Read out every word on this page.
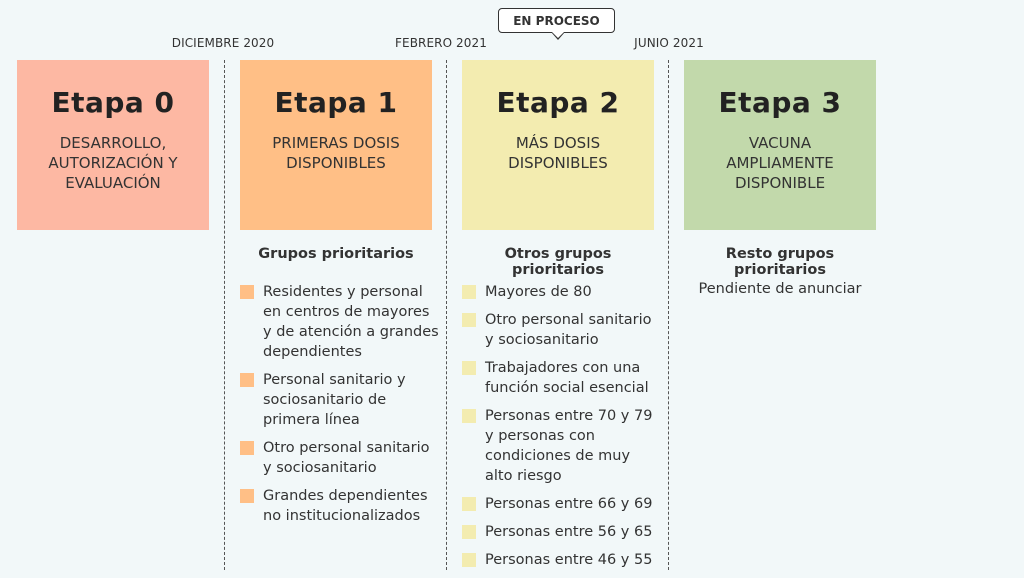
DICIEMBRE 2020	FEBRERO 2021	JUNIO 2021
EN PROCESO
Etapa 0
DESARROLLO, AUTORIZACIÓN Y EVALUACIÓN
Etapa 1
PRIMERAS DOSIS DISPONIBLES
Etapa 2
MÁS DOSIS DISPONIBLES
Etapa 3
VACUNA AMPLIAMENTE DISPONIBLE
Grupos prioritarios
Residentes y personal en centros de mayores y de atención a grandes dependientes
Personal sanitario y sociosanitario de primera línea
Otro personal sanitario y sociosanitario
Grandes dependientes no institucionalizados
Otros grupos prioritarios
Mayores de 80
Otro personal sanitario y sociosanitario
Trabajadores con una función social esencial
Personas entre 70 y 79 y personas con condiciones de muy alto riesgo
Personas entre 66 y 69
Personas entre 56 y 65
Personas entre 46 y 55
Resto grupos prioritarios
Pendiente de anunciar
